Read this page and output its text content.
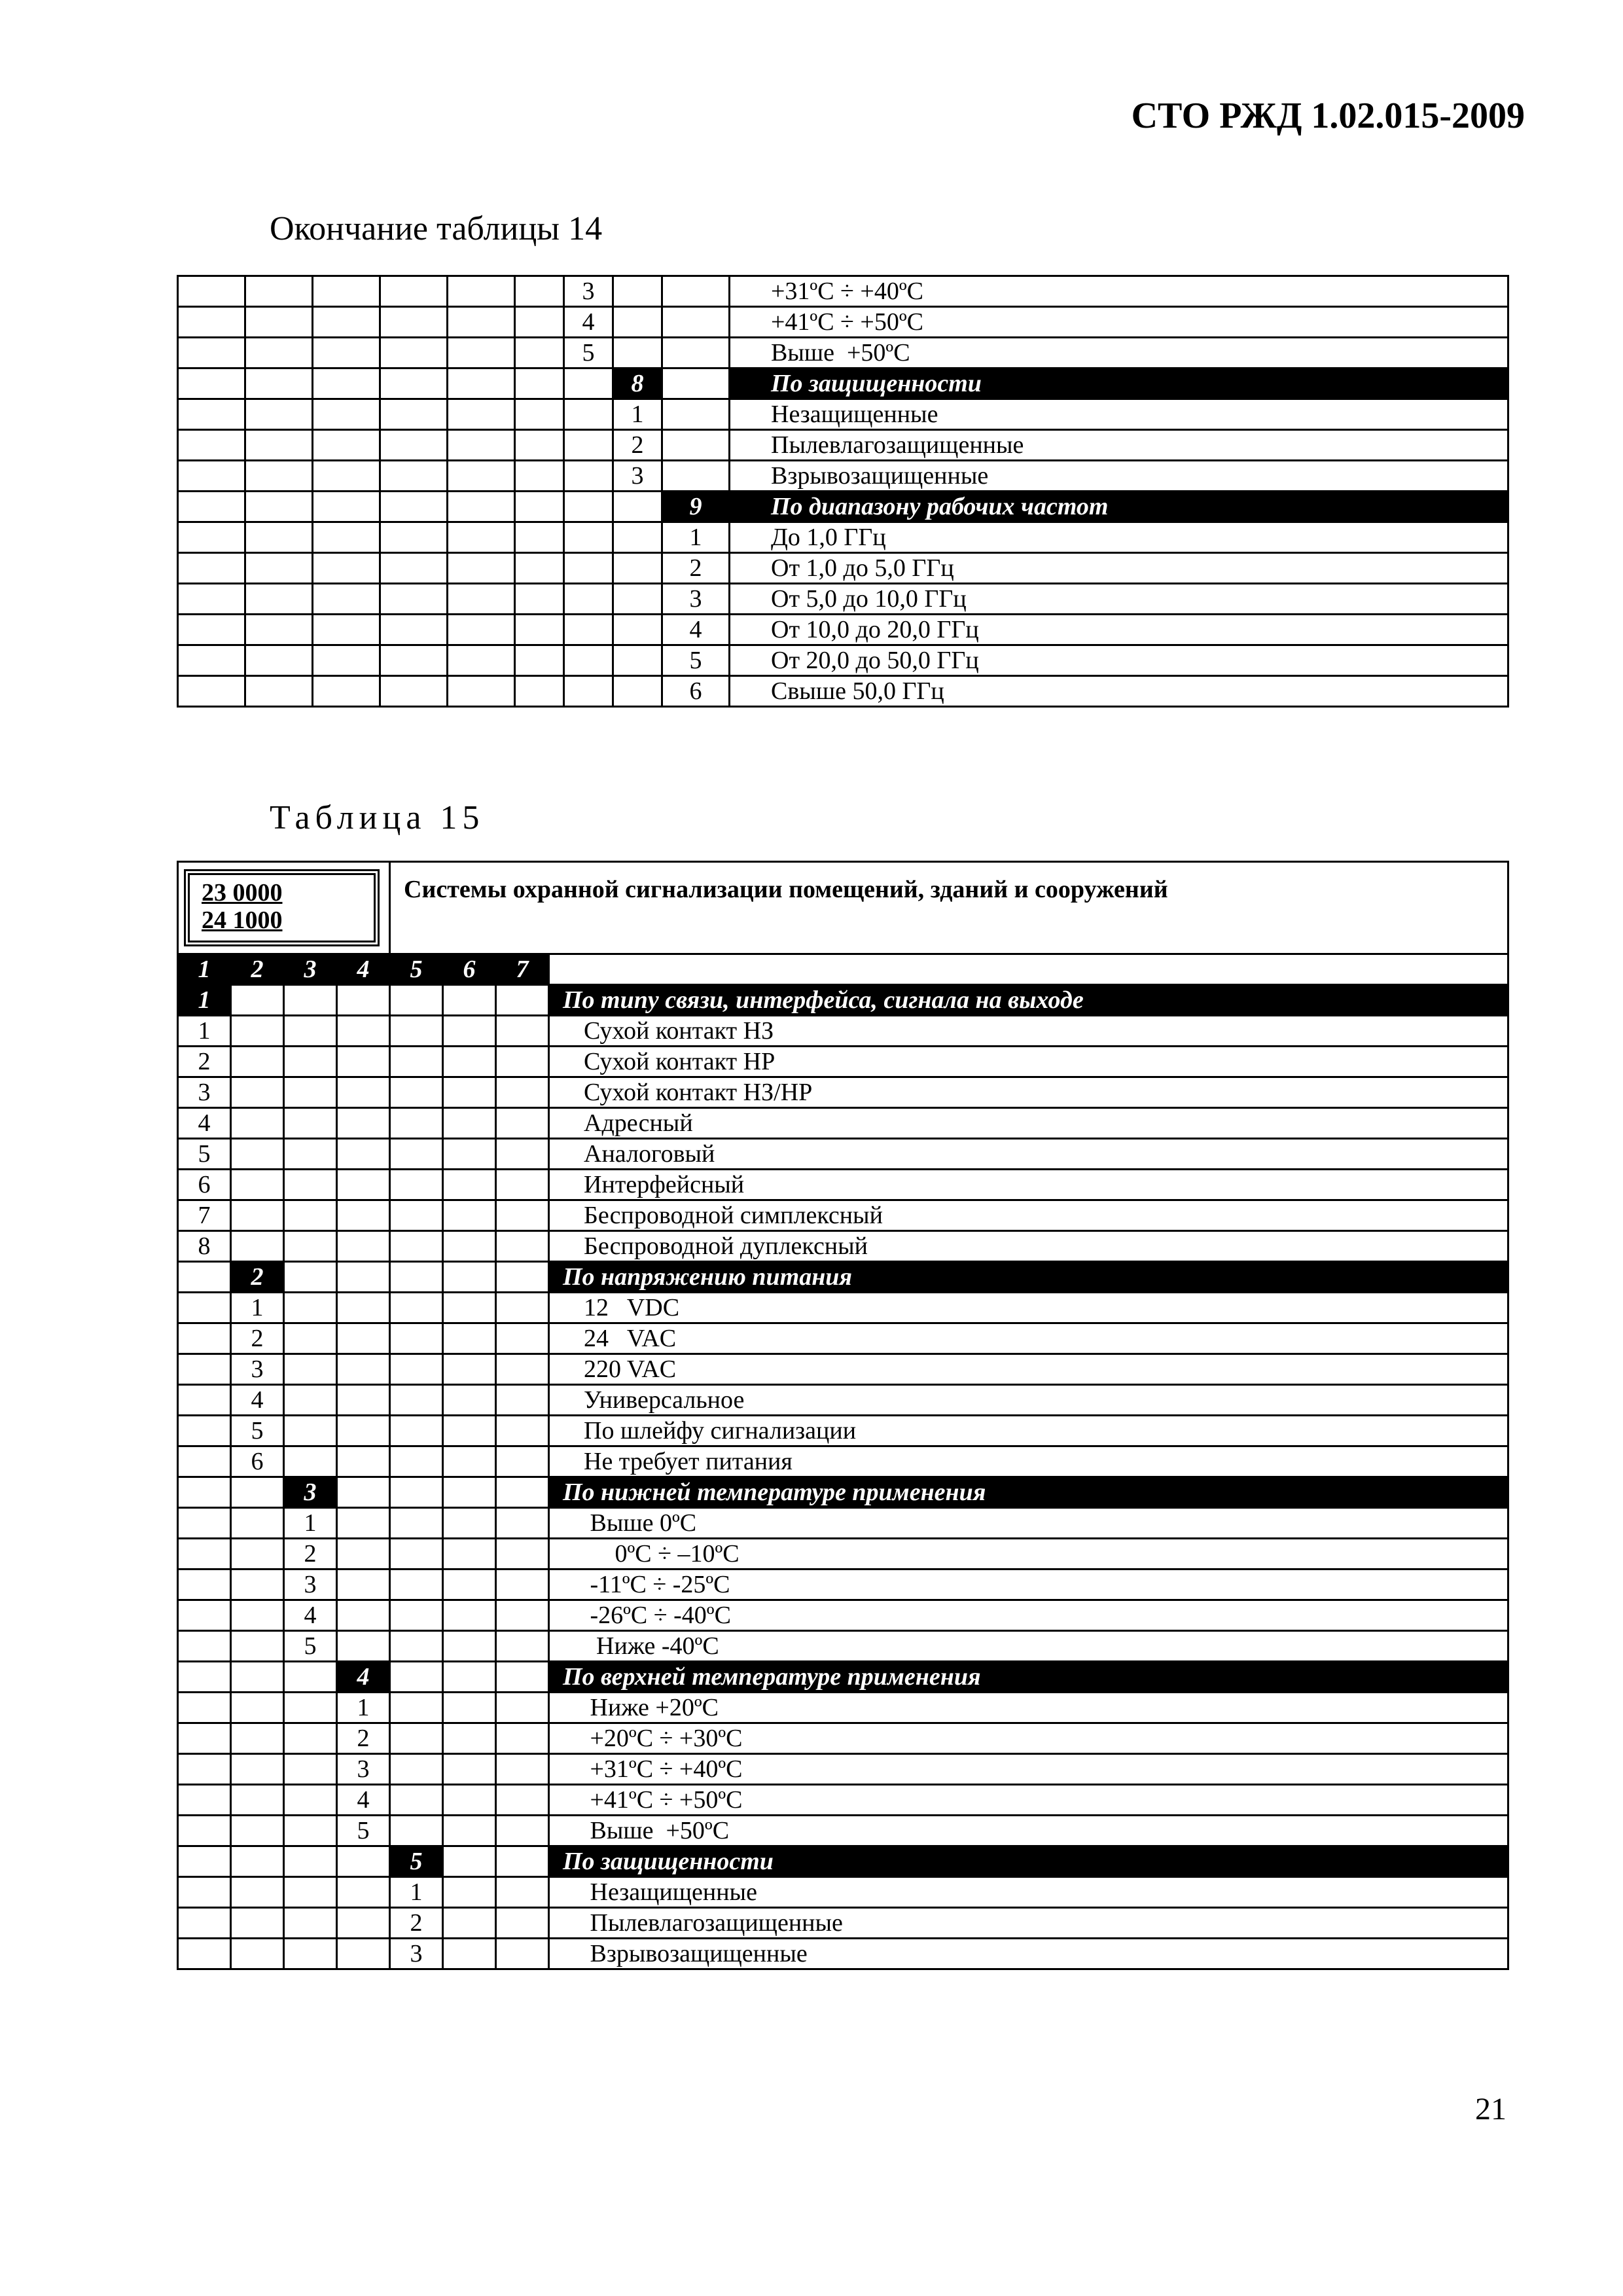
СТО РЖД 1.02.015-2009
Окончание таблицы 14
						3			+31ºС ÷ +40ºС
						4			+41ºС ÷ +50ºС
						5			Выше  +50ºС
							8		По защищенности
							1		Незащищенные
							2		Пылевлагозащищенные
							3		Взрывозащищенные
								9	По диапазону рабочих частот
								1	До 1,0 ГГц
								2	От 1,0 до 5,0 ГГц
								3	От 5,0 до 10,0 ГГц
								4	От 10,0 до 20,0 ГГц
								5	От 20,0 до 50,0 ГГц
								6	Свыше 50,0 ГГц
Таблица 15
23 0000
24 1000				Системы охранной сигнализации помещений, зданий и сооружений			
1	2	3	4	5	6	7	
1							По типу связи, интерфейса, сигнала на выходе
1							Сухой контакт НЗ
2							Сухой контакт НР
3							Сухой контакт НЗ/НР
4							Адресный
5							Аналоговый
6							Интерфейсный
7							Беспроводной симплексный
8							Беспроводной дуплексный
	2						По напряжению питания
	1						12   VDC
	2						24   VAC
	3						220 VAC
	4						Универсальное
	5						По шлейфу сигнализации
	6						Не требует питания
		3					По нижней температуре применения
		1					Выше 0ºС
		2					0ºС ÷ –10ºС
		3					-11ºС ÷ -25ºС
		4					-26ºС ÷ -40ºС
		5					Ниже -40ºС
			4				По верхней температуре применения
			1				Ниже +20ºС
			2				+20ºС ÷ +30ºС
			3				+31ºС ÷ +40ºС
			4				+41ºС ÷ +50ºС
			5				Выше  +50ºС
				5			По защищенности
				1			Незащищенные
				2			Пылевлагозащищенные
				3			Взрывозащищенные
21
